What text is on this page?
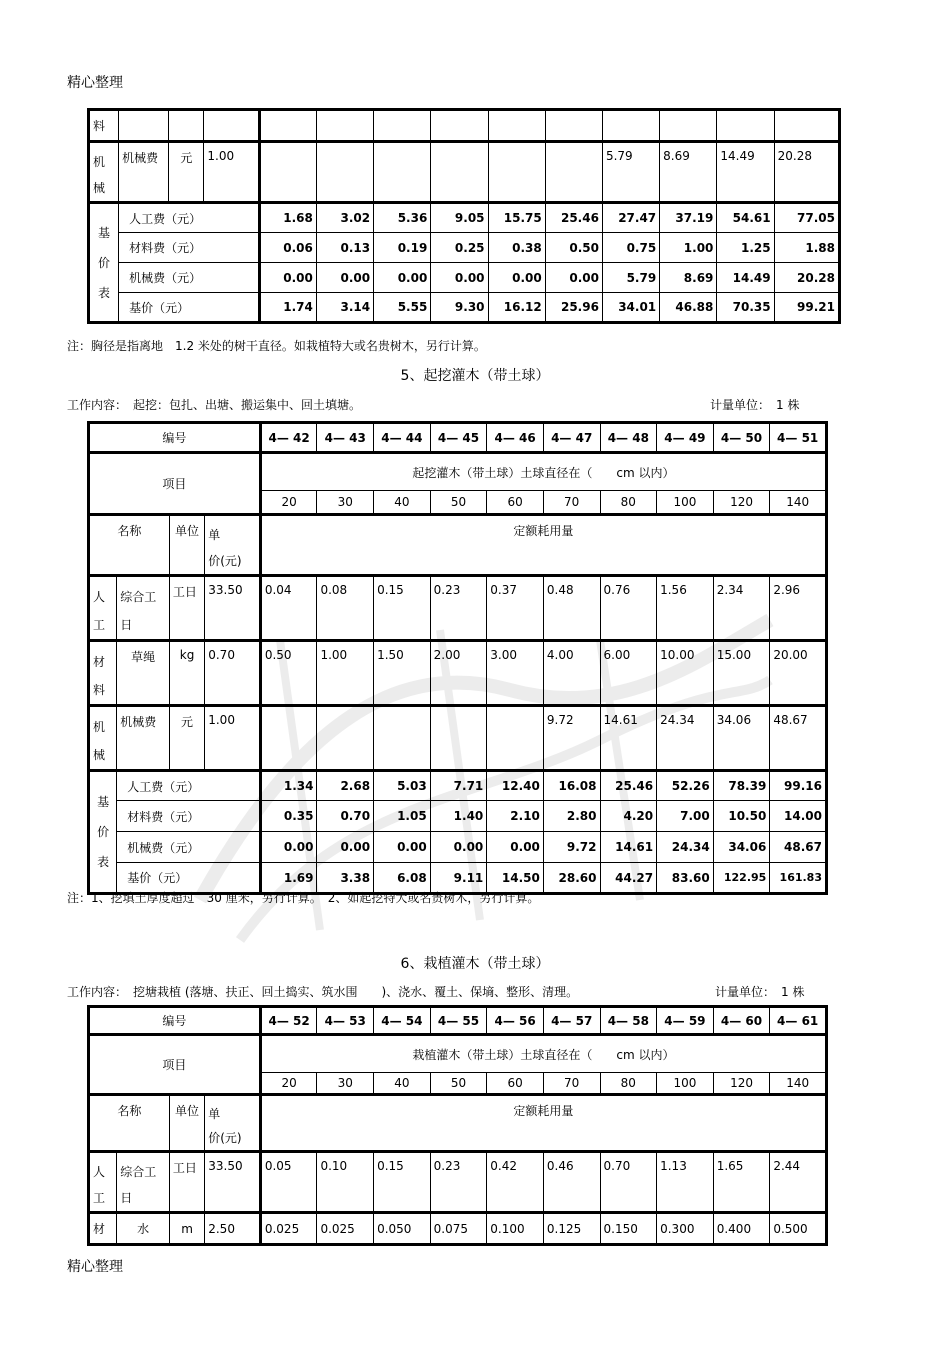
精心整理
料													
机械	机械费	元	1.00							5.79	8.69	14.49	20.28
基价表	人工费（元）			1.68	3.02	5.36	9.05	15.75	25.46	27.47	37.19	54.61	77.05
	材料费（元）			0.06	0.13	0.19	0.25	0.38	0.50	0.75	1.00	1.25	1.88
	机械费（元）			0.00	0.00	0.00	0.00	0.00	0.00	5.79	8.69	14.49	20.28
	基价（元）			1.74	3.14	5.55	9.30	16.12	25.96	34.01	46.88	70.35	99.21
注：胸径是指离地　1.2 米处的树干直径。如栽植特大或名贵树木，另行计算。
5、起挖灌木（带土球）
工作内容：　起挖：包扎、出塘、搬运集中、回土填塘。	计量单位：　1 株
编号				4— 42	4— 43	4— 44	4— 45	4— 46	4— 47	4— 48	4— 49	4— 50	4— 51
项目				起挖灌木（带土球）土球直径在（　　cm 以内）									
				20	30	40	50	60	70	80	100	120	140
名称		单位	单　　价(元)	定额耗用量									
人工	综合工日	工日	33.50	0.04	0.08	0.15	0.23	0.37	0.48	0.76	1.56	2.34	2.96
材料	草绳	kg	0.70	0.50	1.00	1.50	2.00	3.00	4.00	6.00	10.00	15.00	20.00
机械	机械费	元	1.00						9.72	14.61	24.34	34.06	48.67
基价表	人工费（元）			1.34	2.68	5.03	7.71	12.40	16.08	25.46	52.26	78.39	99.16
	材料费（元）			0.35	0.70	1.05	1.40	2.10	2.80	4.20	7.00	10.50	14.00
	机械费（元）			0.00	0.00	0.00	0.00	0.00	9.72	14.61	24.34	34.06	48.67
	基价（元）			1.69	3.38	6.08	9.11	14.50	28.60	44.27	83.60	122.95	161.83
注：1、挖填土厚度超过　30 厘米，另行计算。　2、如起挖特大或名贵树木，另行计算。
6、栽植灌木（带土球）
工作内容：　挖塘栽植 (落塘、扶正、回土捣实、筑水围　　)、浇水、覆土、保墒、整形、清理。	计量单位：　1 株
编号				4— 52	4— 53	4— 54	4— 55	4— 56	4— 57	4— 58	4— 59	4— 60	4— 61
项目				栽植灌木（带土球）土球直径在（　　cm 以内）									
				20	30	40	50	60	70	80	100	120	140
名称		单位	单　　价(元)	定额耗用量									
人工	综合工日	工日	33.50	0.05	0.10	0.15	0.23	0.42	0.46	0.70	1.13	1.65	2.44
材	水	m	2.50	0.025	0.025	0.050	0.075	0.100	0.125	0.150	0.300	0.400	0.500
精心整理
